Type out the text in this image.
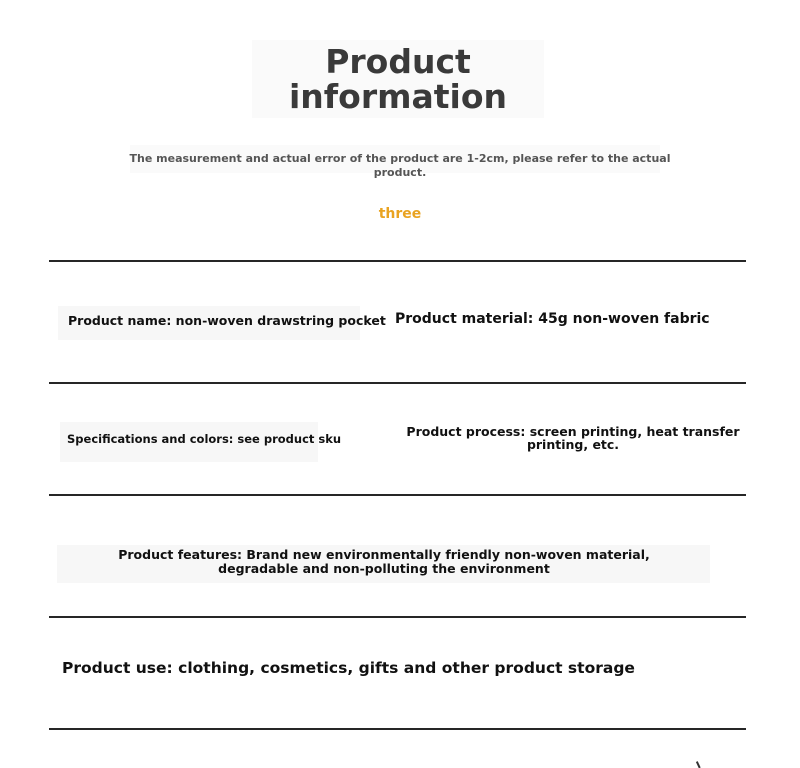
Product information
The measurement and actual error of the product are 1-2cm, please refer to the actual product.
three
Product name: non-woven drawstring pocket Product material: 45g non-woven fabric
Specifications and colors: see product sku	Product process: screen printing, heat transfer printing, etc.
Product features: Brand new environmentally friendly non-woven material, degradable and non-polluting the environment
Product use: clothing, cosmetics, gifts and other product storage
